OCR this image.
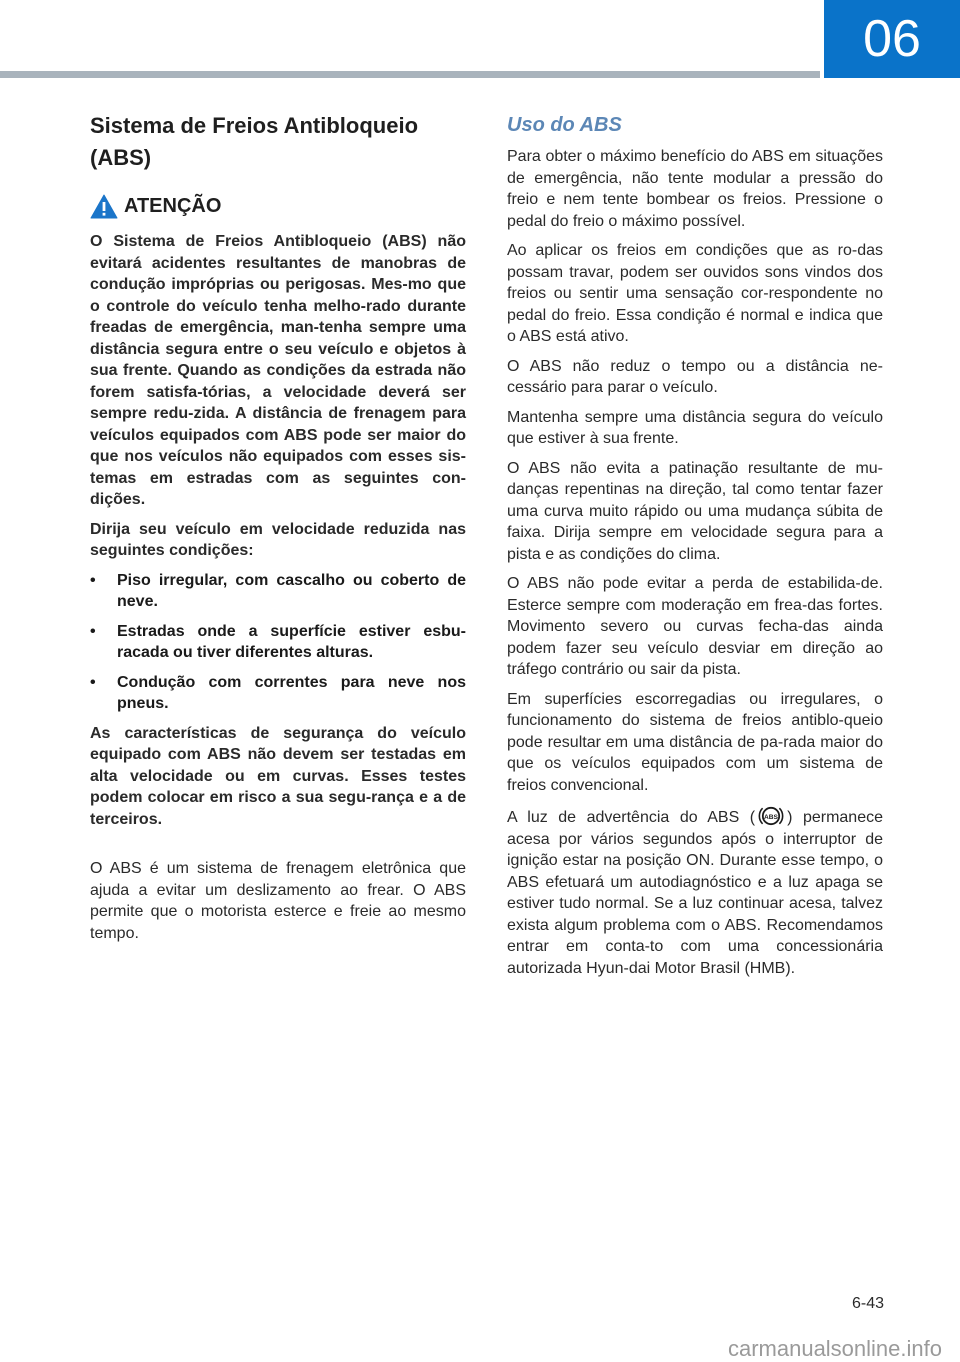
06
Sistema de Freios Antibloqueio (ABS)
ATENÇÃO

O Sistema de Freios Antibloqueio (ABS) não evitará acidentes resultantes de manobras de condução impróprias ou perigosas. Mes-mo que o controle do veículo tenha melho-rado durante freadas de emergência, man-tenha sempre uma distância segura entre o seu veículo e objetos à sua frente. Quando as condições da estrada não forem satisfa-tórias, a velocidade deverá ser sempre redu-zida. A distância de frenagem para veículos equipados com ABS pode ser maior do que nos veículos não equipados com esses sis-temas em estradas com as seguintes con-dições.

Dirija seu veículo em velocidade reduzida nas seguintes condições:

• Piso irregular, com cascalho ou coberto de neve.
• Estradas onde a superfície estiver esbu-racada ou tiver diferentes alturas.
• Condução com correntes para neve nos pneus.

As características de segurança do veículo equipado com ABS não devem ser testadas em alta velocidade ou em curvas. Esses testes podem colocar em risco a sua segu-rança e a de terceiros.

O ABS é um sistema de frenagem eletrônica que ajuda a evitar um deslizamento ao frear. O ABS permite que o motorista esterce e freie ao mesmo tempo.

Uso do ABS

Para obter o máximo benefício do ABS em situações de emergência, não tente modular a pressão do freio e nem tente bombear os freios. Pressione o pedal do freio o máximo possível.

Ao aplicar os freios em condições que as ro-das possam travar, podem ser ouvidos sons vindos dos freios ou sentir uma sensação cor-respondente no pedal do freio. Essa condição é normal e indica que o ABS está ativo.

O ABS não reduz o tempo ou a distância ne-cessário para parar o veículo.

Mantenha sempre uma distância segura do veículo que estiver à sua frente.

O ABS não evita a patinação resultante de mu-danças repentinas na direção, tal como tentar fazer uma curva muito rápido ou uma mudança súbita de faixa. Dirija sempre em velocidade segura para a pista e as condições do clima.

O ABS não pode evitar a perda de estabilida-de. Esterce sempre com moderação em frea-das fortes. Movimento severo ou curvas fecha-das ainda podem fazer seu veículo desviar em direção ao tráfego contrário ou sair da pista.

Em superfícies escorregadias ou irregulares, o funcionamento do sistema de freios antiblo-queio pode resultar em uma distância de pa-rada maior do que os veículos equipados com um sistema de freios convencional.

A luz de advertência do ABS ( ABS ) permanece acesa por vários segundos após o interruptor de ignição estar na posição ON. Durante esse tempo, o ABS efetuará um autodiagnóstico e a luz apaga se estiver tudo normal. Se a luz continuar acesa, talvez exista algum problema com o ABS. Recomendamos entrar em conta-to com uma concessionária autorizada Hyun-dai Motor Brasil (HMB).

6-43
carmanualsonline.info
